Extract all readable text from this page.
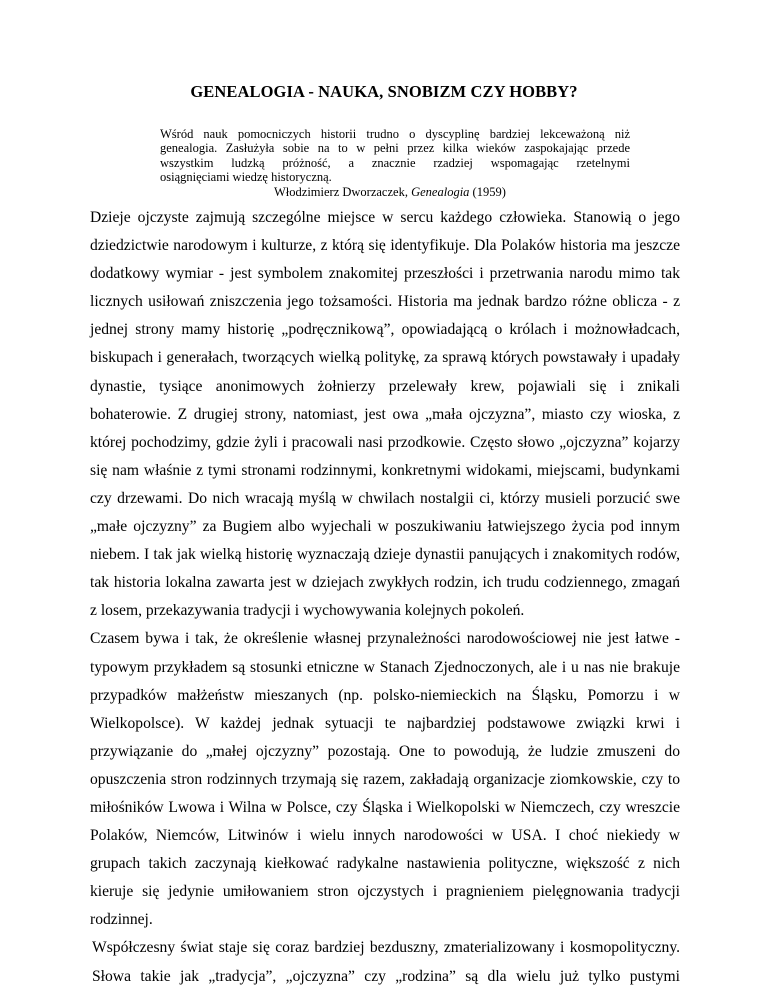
GENEALOGIA - NAUKA, SNOBIZM CZY HOBBY?
Wśród nauk pomocniczych historii trudno o dyscyplinę bardziej lekceważoną niż
genealogia. Zasłużyła sobie na to w pełni przez kilka wieków zaspokajając przede
wszystkim ludzką próżność, a znacznie rzadziej wspomagając rzetelnymi
osiągnięciami wiedzę historyczną.
Włodzimierz Dworzaczek, Genealogia (1959)
Dzieje ojczyste zajmują szczególne miejsce w sercu każdego człowieka. Stanowią o jego
dziedzictwie narodowym i kulturze, z którą się identyfikuje. Dla Polaków historia ma jeszcze
dodatkowy wymiar - jest symbolem znakomitej przeszłości i przetrwania narodu mimo tak
licznych usiłowań zniszczenia jego tożsamości. Historia ma jednak bardzo różne oblicza - z
jednej strony mamy historię „podręcznikową”, opowiadającą o królach i możnowładcach,
biskupach i generałach, tworzących wielką politykę, za sprawą których powstawały i upadały
dynastie, tysiące anonimowych żołnierzy przelewały krew, pojawiali się i znikali
bohaterowie. Z drugiej strony, natomiast, jest owa „mała ojczyzna”, miasto czy wioska, z
której pochodzimy, gdzie żyli i pracowali nasi przodkowie. Często słowo „ojczyzna” kojarzy
się nam właśnie z tymi stronami rodzinnymi, konkretnymi widokami, miejscami, budynkami
czy drzewami. Do nich wracają myślą w chwilach nostalgii ci, którzy musieli porzucić swe
„małe ojczyzny” za Bugiem albo wyjechali w poszukiwaniu łatwiejszego życia pod innym
niebem. I tak jak wielką historię wyznaczają dzieje dynastii panujących i znakomitych rodów,
tak historia lokalna zawarta jest w dziejach zwykłych rodzin, ich trudu codziennego, zmagań
z losem, przekazywania tradycji i wychowywania kolejnych pokoleń.
Czasem bywa i tak, że określenie własnej przynależności narodowościowej nie jest łatwe -
typowym przykładem są stosunki etniczne w Stanach Zjednoczonych, ale i u nas nie brakuje
przypadków małżeństw mieszanych (np. polsko-niemieckich na Śląsku, Pomorzu i w
Wielkopolsce). W każdej jednak sytuacji te najbardziej podstawowe związki krwi i
przywiązanie do „małej ojczyzny” pozostają. One to powodują, że ludzie zmuszeni do
opuszczenia stron rodzinnych trzymają się razem, zakładają organizacje ziomkowskie, czy to
miłośników Lwowa i Wilna w Polsce, czy Śląska i Wielkopolski w Niemczech, czy wreszcie
Polaków, Niemców, Litwinów i wielu innych narodowości w USA. I choć niekiedy w
grupach takich zaczynają kiełkować radykalne nastawienia polityczne, większość z nich
kieruje się jedynie umiłowaniem stron ojczystych i pragnieniem pielęgnowania tradycji
rodzinnej.
Współczesny świat staje się coraz bardziej bezduszny, zmaterializowany i kosmopolityczny.
Słowa takie jak „tradycja”, „ojczyzna” czy „rodzina” są dla wielu już tylko pustymi
